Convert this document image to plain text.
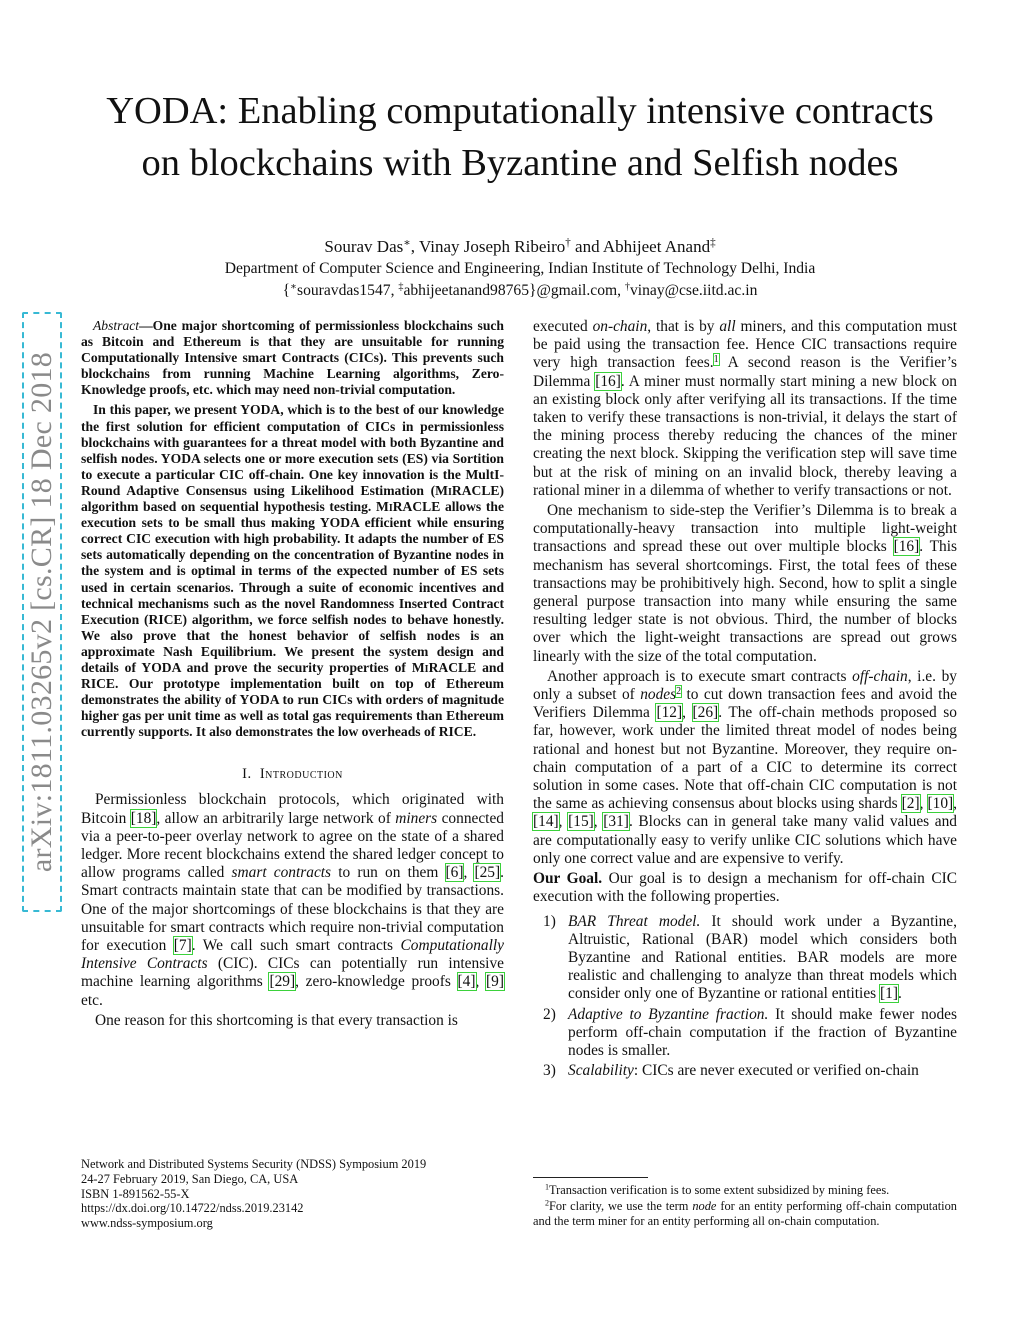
arXiv:1811.03265v2 [cs.CR] 18 Dec 2018
YODA: Enabling computationally intensive contracts
on blockchains with Byzantine and Selfish nodes
Sourav Das∗, Vinay Joseph Ribeiro† and Abhijeet Anand‡
Department of Computer Science and Engineering, Indian Institute of Technology Delhi, India
{∗souravdas1547, ‡abhijeetanand98765}@gmail.com, †vinay@cse.iitd.ac.in

Abstract—One major shortcoming of permissionless blockchains such as Bitcoin and Ethereum is that they are unsuitable for running Computationally Intensive smart Contracts (CICs). This prevents such blockchains from running Machine Learning algorithms, Zero-Knowledge proofs, etc. which may need non-trivial computation.

In this paper, we present YODA, which is to the best of our knowledge the first solution for efficient computation of CICs in permissionless blockchains with guarantees for a threat model with both Byzantine and selfish nodes. YODA selects one or more execution sets (ES) via Sortition to execute a particular CIC off-chain. One key innovation is the MultI-Round Adaptive Consensus using Likelihood Estimation (MiRACLE) algorithm based on sequential hypothesis testing. MiRACLE allows the execution sets to be small thus making YODA efficient while ensuring correct CIC execution with high probability. It adapts the number of ES sets automatically depending on the concentration of Byzantine nodes in the system and is optimal in terms of the expected number of ES sets used in certain scenarios. Through a suite of economic incentives and technical mechanisms such as the novel Randomness Inserted Contract Execution (RICE) algorithm, we force selfish nodes to behave honestly. We also prove that the honest behavior of selfish nodes is an approximate Nash Equilibrium. We present the system design and details of YODA and prove the security properties of MiRACLE and RICE. Our prototype implementation built on top of Ethereum demonstrates the ability of YODA to run CICs with orders of magnitude higher gas per unit time as well as total gas requirements than Ethereum currently supports. It also demonstrates the low overheads of RICE.

I. Introduction

Permissionless blockchain protocols, which originated with Bitcoin [18], allow an arbitrarily large network of miners connected via a peer-to-peer overlay network to agree on the state of a shared ledger. More recent blockchains extend the shared ledger concept to allow programs called smart contracts to run on them [6], [25]. Smart contracts maintain state that can be modified by transactions. One of the major shortcomings of these blockchains is that they are unsuitable for smart contracts which require non-trivial computation for execution [7]. We call such smart contracts Computationally Intensive Contracts (CIC). CICs can potentially run intensive machine learning algorithms [29], zero-knowledge proofs [4], [9] etc.

One reason for this shortcoming is that every transaction is

executed on-chain, that is by all miners, and this computation must be paid using the transaction fee. Hence CIC transactions require very high transaction fees.$^1$ A second reason is the Verifier’s Dilemma [16]. A miner must normally start mining a new block on an existing block only after verifying all its transactions. If the time taken to verify these transactions is non-trivial, it delays the start of the mining process thereby reducing the chances of the miner creating the next block. Skipping the verification step will save time but at the risk of mining on an invalid block, thereby leaving a rational miner in a dilemma of whether to verify transactions or not.

One mechanism to side-step the Verifier’s Dilemma is to break a computationally-heavy transaction into multiple light-weight transactions and spread these out over multiple blocks [16]. This mechanism has several shortcomings. First, the total fees of these transactions may be prohibitively high. Second, how to split a single general purpose transaction into many while ensuring the same resulting ledger state is not obvious. Third, the number of blocks over which the light-weight transactions are spread out grows linearly with the size of the total computation.

Another approach is to execute smart contracts off-chain, i.e. by only a subset of nodes$^2$ to cut down transaction fees and avoid the Verifiers Dilemma [12], [26]. The off-chain methods proposed so far, however, work under the limited threat model of nodes being rational and honest but not Byzantine. Moreover, they require on-chain computation of a part of a CIC to determine its correct solution in some cases. Note that off-chain CIC computation is not the same as achieving consensus about blocks using shards [2], [10], [14], [15], [31]. Blocks can in general take many valid values and are computationally easy to verify unlike CIC solutions which have only one correct value and are expensive to verify.

Our Goal. Our goal is to design a mechanism for off-chain CIC execution with the following properties.

1) BAR Threat model. It should work under a Byzantine, Altruistic, Rational (BAR) model which considers both Byzantine and Rational entities. BAR models are more realistic and challenging to analyze than threat models which consider only one of Byzantine or rational entities [1].
2) Adaptive to Byzantine fraction. It should make fewer nodes perform off-chain computation if the fraction of Byzantine nodes is smaller.
3) Scalability: CICs are never executed or verified on-chain
Network and Distributed Systems Security (NDSS) Symposium 2019
24-27 February 2019, San Diego, CA, USA
ISBN 1-891562-55-X
https://dx.doi.org/10.14722/ndss.2019.23142
www.ndss-symposium.org

$^1$Transaction verification is to some extent subsidized by mining fees.

$^2$For clarity, we use the term node for an entity performing off-chain computation and the term miner for an entity performing all on-chain computation.
